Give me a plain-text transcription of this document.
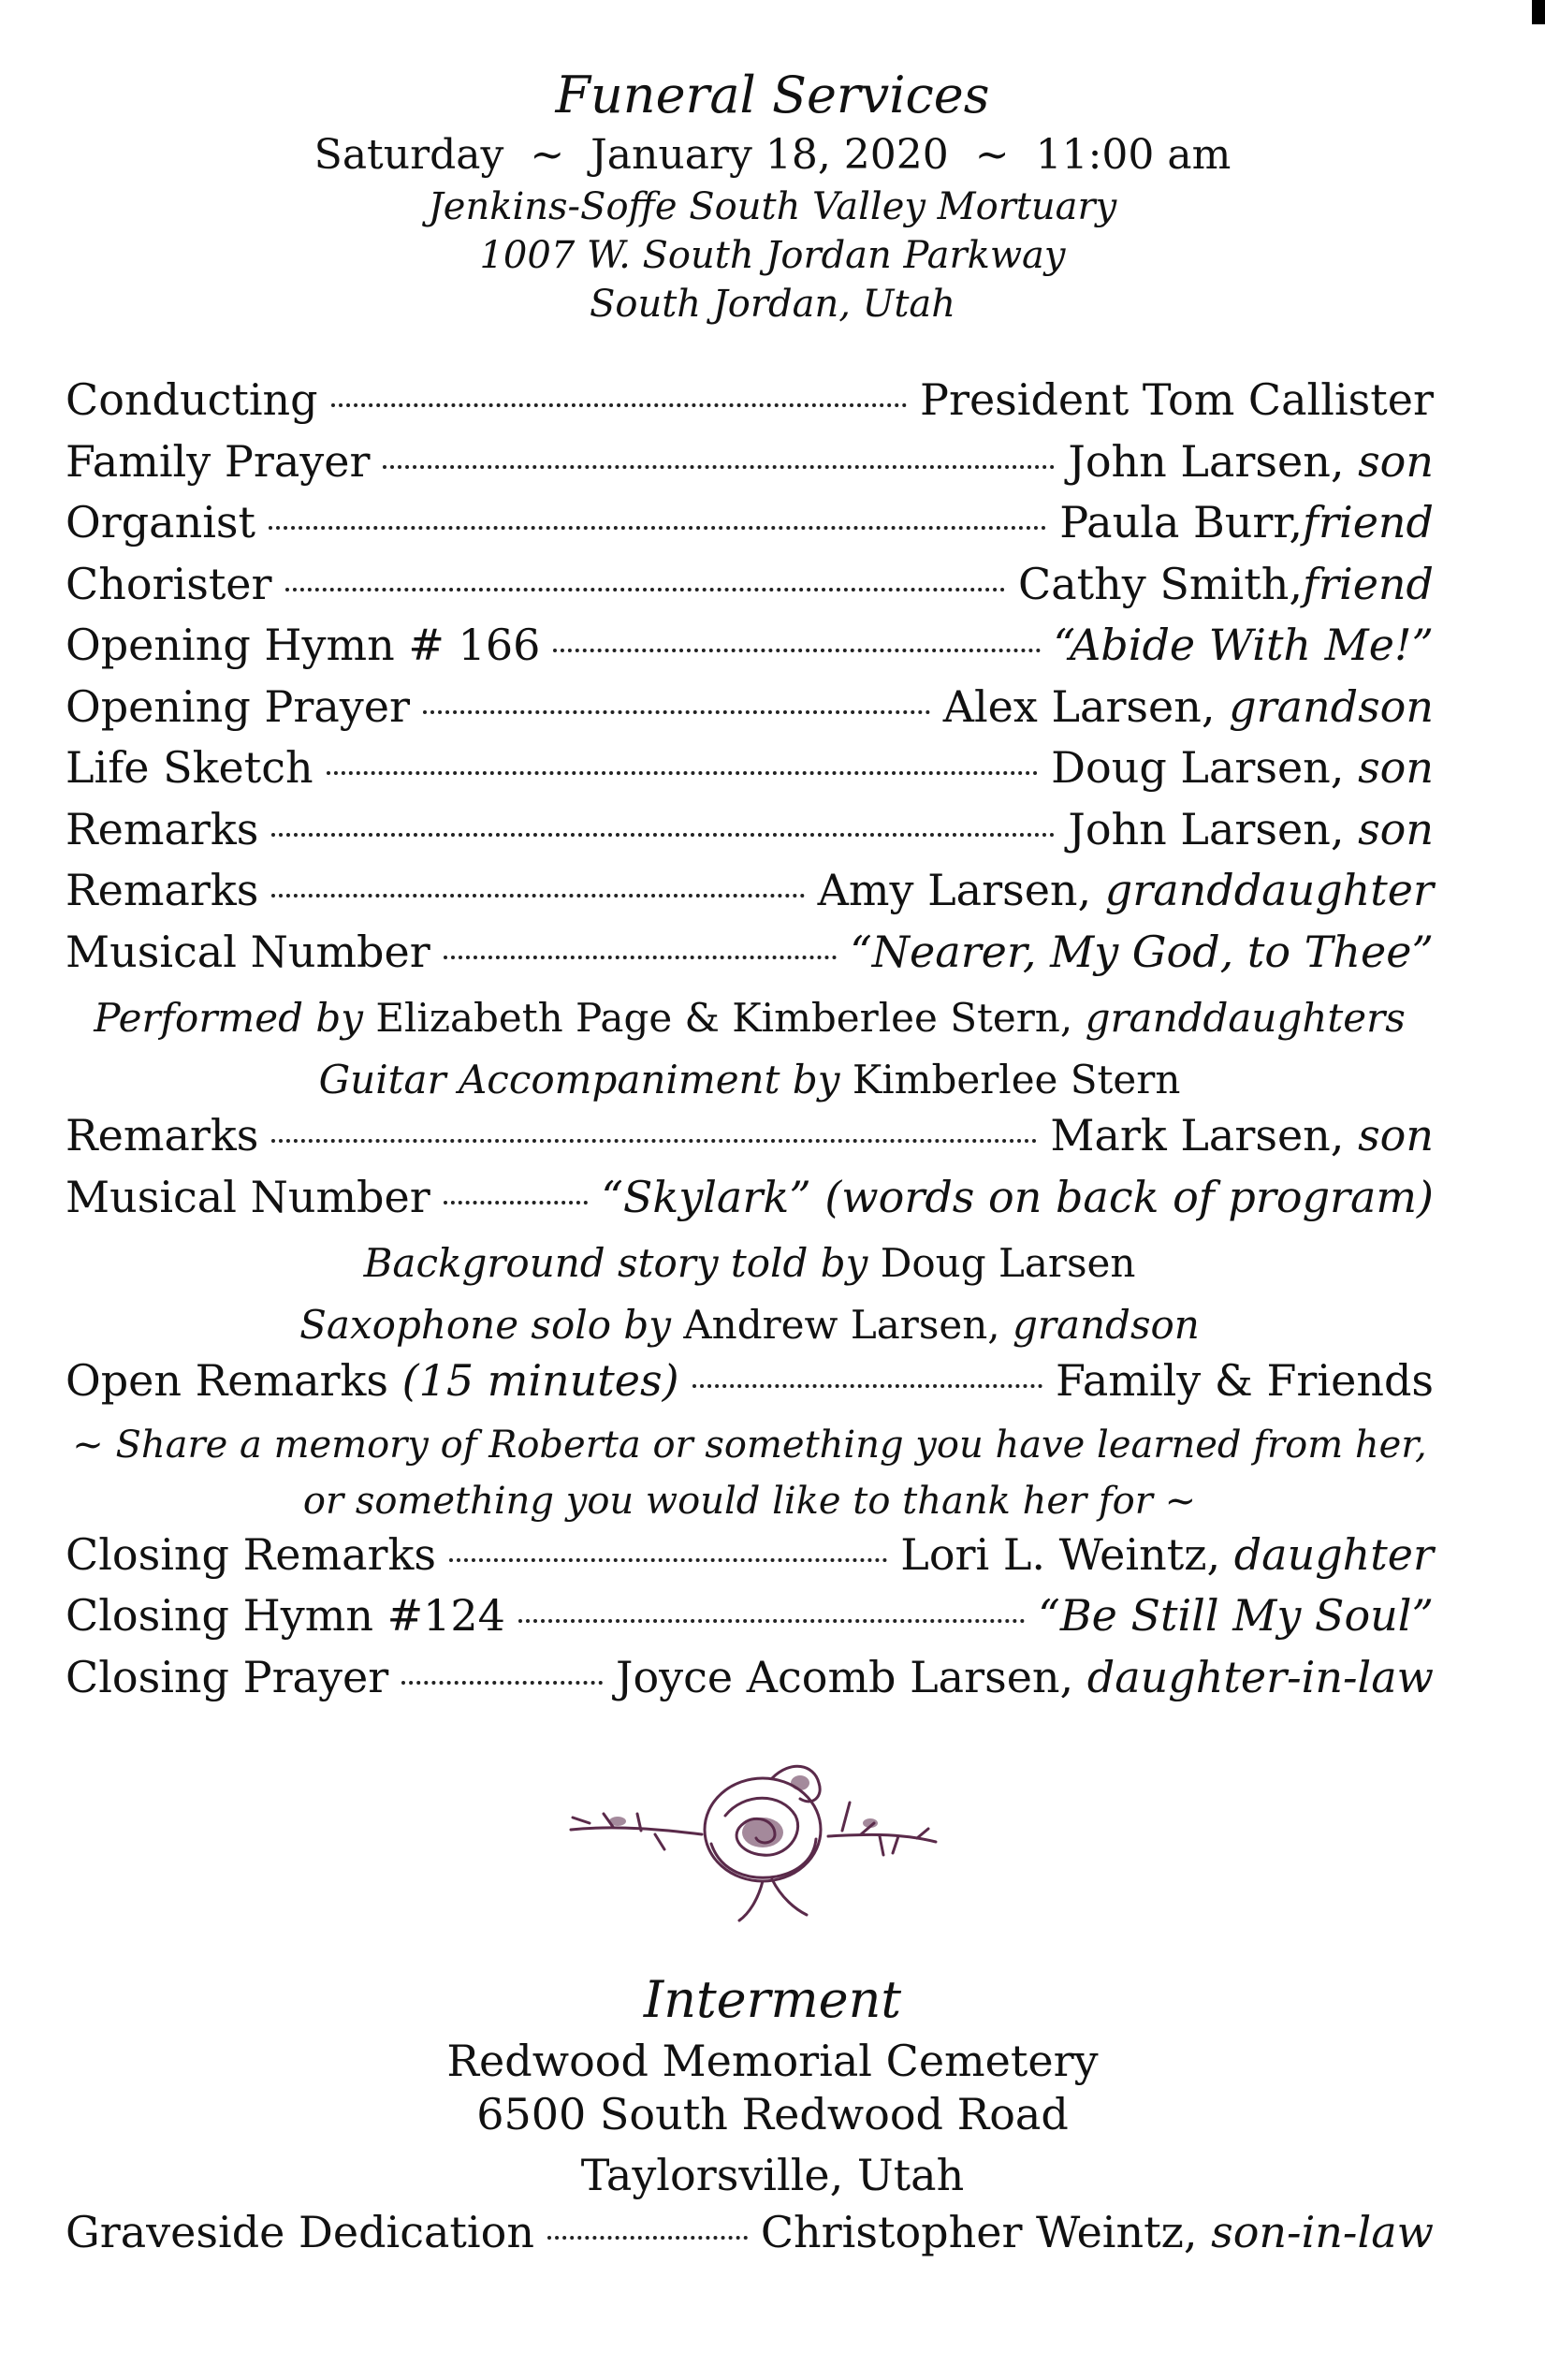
Funeral Services
Saturday  ~  January 18, 2020  ~  11:00 am
Jenkins-Soffe South Valley Mortuary
1007 W. South Jordan Parkway
South Jordan, Utah
Conducting	President Tom Callister
Family Prayer	John Larsen, son
Organist	Paula Burr,friend
Chorister	Cathy Smith,friend
Opening Hymn # 166	“Abide With Me!”
Opening Prayer	Alex Larsen, grandson
Life Sketch	Doug Larsen, son
Remarks	John Larsen, son
Remarks	Amy Larsen, granddaughter
Musical Number	“Nearer, My God, to Thee”
Performed by Elizabeth Page & Kimberlee Stern, granddaughters
Guitar Accompaniment by Kimberlee Stern
Remarks	Mark Larsen, son
Musical Number	“Skylark” (words on back of program)
Background story told by Doug Larsen
Saxophone solo by Andrew Larsen, grandson
Open Remarks (15 minutes)	Family & Friends
~ Share a memory of Roberta or something you have learned from her,
or something you would like to thank her for ~
Closing Remarks	Lori L. Weintz, daughter
Closing Hymn #124	“Be Still My Soul”
Closing Prayer	Joyce Acomb Larsen, daughter-in-law
Interment
Redwood Memorial Cemetery
6500 South Redwood Road
Taylorsville, Utah
Graveside Dedication	Christopher Weintz, son-in-law
